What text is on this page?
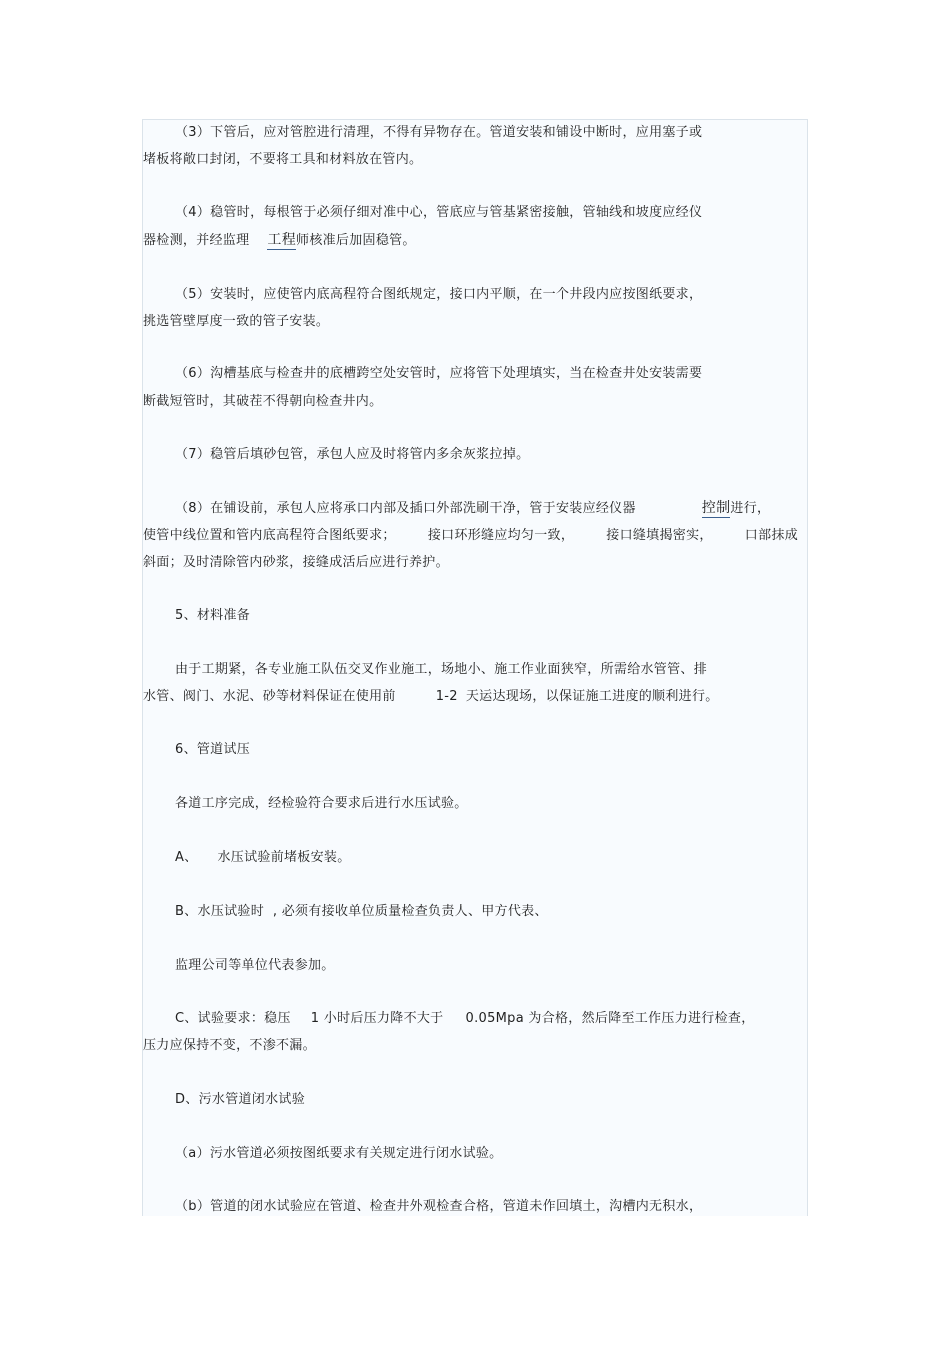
（3）下管后，应对管腔进行清理，不得有异物存在。管道安装和铺设中断时，应用塞子或
堵板将敞口封闭，不要将工具和材料放在管内。
（4）稳管时，每根管于必须仔细对准中心，管底应与管基紧密接触，管轴线和坡度应经仪
器检测，并经监理 工程师核准后加固稳管。
（5）安装时，应使管内底高程符合图纸规定，接口内平顺，在一个井段内应按图纸要求，
挑选管壁厚度一致的管子安装。
（6）沟槽基底与检查井的底槽跨空处安管时，应将管下处理填实，当在检查井处安装需要
断截短管时，其破茬不得朝向检查井内。
（7）稳管后填砂包管，承包人应及时将管内多余灰浆拉掉。
（8）在铺设前，承包人应将承口内部及插口外部洗刷干净，管于安装应经仪器	控制进行，
使管中线位置和管内底高程符合图纸要求； 接口环形缝应均匀一致， 接口缝填揭密实， 口部抹成
斜面；及时清除管内砂浆，接缝成活后应进行养护。
5、材料准备
由于工期紧，各专业施工队伍交叉作业施工，场地小、施工作业面狭窄，所需给水管管、排
水管、阀门、水泥、砂等材料保证在使用前	1-2 天运达现场，以保证施工进度的顺利进行。
6、管道试压
各道工序完成，经检验符合要求后进行水压试验。
A、 水压试验前堵板安装。
B、水压试验时  , 必须有接收单位质量检查负责人、甲方代表、
监理公司等单位代表参加。
C、试验要求：稳压 1 小时后压力降不大于 0.05Mpa 为合格，然后降至工作压力进行检查，
压力应保持不变，不渗不漏。
D、污水管道闭水试验
（a）污水管道必须按图纸要求有关规定进行闭水试验。
（b）管道的闭水试验应在管道、检查井外观检查合格，管道未作回填土，沟槽内无积水，
